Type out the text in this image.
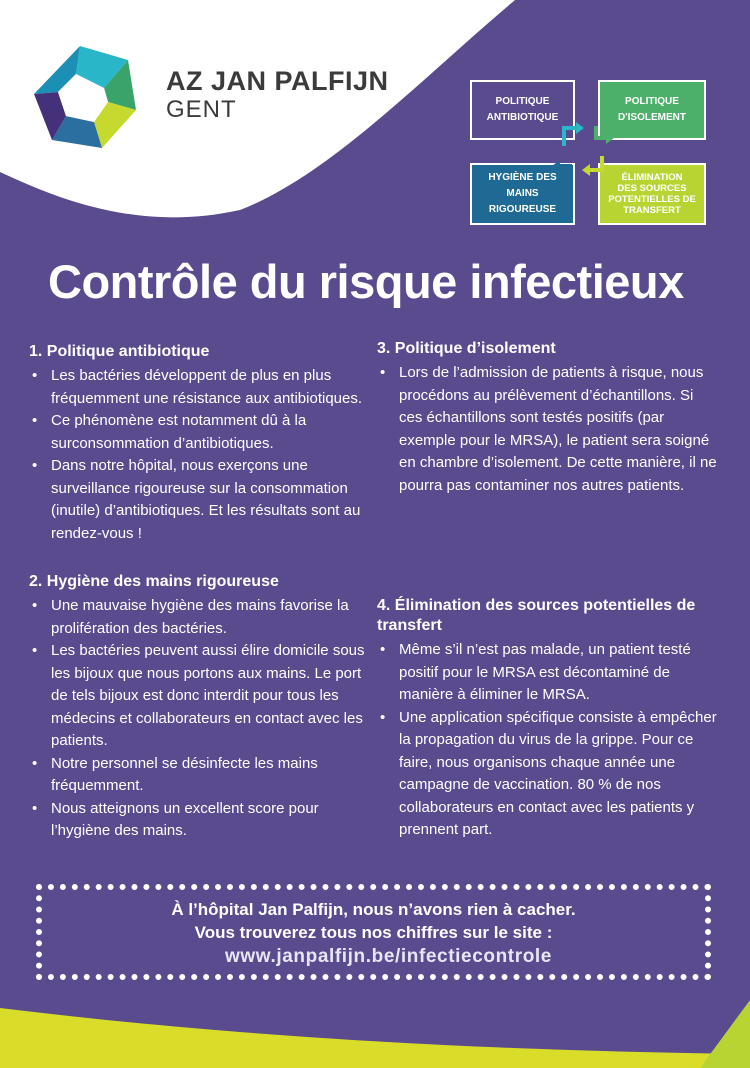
AZ JAN PALFIJN
GENT	POLITIQUE
ANTIBIOTIQUE
POLITIQUE
D'ISOLEMENT
HYGIÈNE DES MAINS
RIGOUREUSE
ÉLIMINATION
DES SOURCES
POTENTIELLES DE
TRANSFERT
Contrôle du risque infectieux
1. Politique antibiotique
• Les bactéries développent de plus en plus fréquemment une résistance aux antibiotiques.
• Ce phénomène est notamment dû à la surconsommation d’antibiotiques.
• Dans notre hôpital, nous exerçons une surveillance rigoureuse sur la consommation (inutile) d’antibiotiques. Et les résultats sont au rendez-vous !
2. Hygiène des mains rigoureuse
• Une mauvaise hygiène des mains favorise la prolifération des bactéries.
• Les bactéries peuvent aussi élire domicile sous les bijoux que nous portons aux mains. Le port de tels bijoux est donc interdit pour tous les médecins et collaborateurs en contact avec les patients.
• Notre personnel se désinfecte les mains fréquemment.
• Nous atteignons un excellent score pour l’hygiène des mains.
3. Politique d’isolement
• Lors de l’admission de patients à risque, nous procédons au prélèvement d’échantillons. Si ces échantillons sont testés positifs (par exemple pour le MRSA), le patient sera soigné en chambre d’isolement. De cette manière, il ne pourra pas contaminer nos autres patients.
4. Élimination des sources potentielles de transfert
• Même s’il n’est pas malade, un patient testé positif pour le MRSA est décontaminé de manière à éliminer le MRSA.
• Une application spécifique consiste à empêcher la propagation du virus de la grippe. Pour ce faire, nous organisons chaque année une campagne de vaccination. 80 % de nos collaborateurs en contact avec les patients y prennent part.
À l’hôpital Jan Palfijn, nous n’avons rien à cacher.
Vous trouverez tous nos chiffres sur le site :
www.janpalfijn.be/infectiecontrole
